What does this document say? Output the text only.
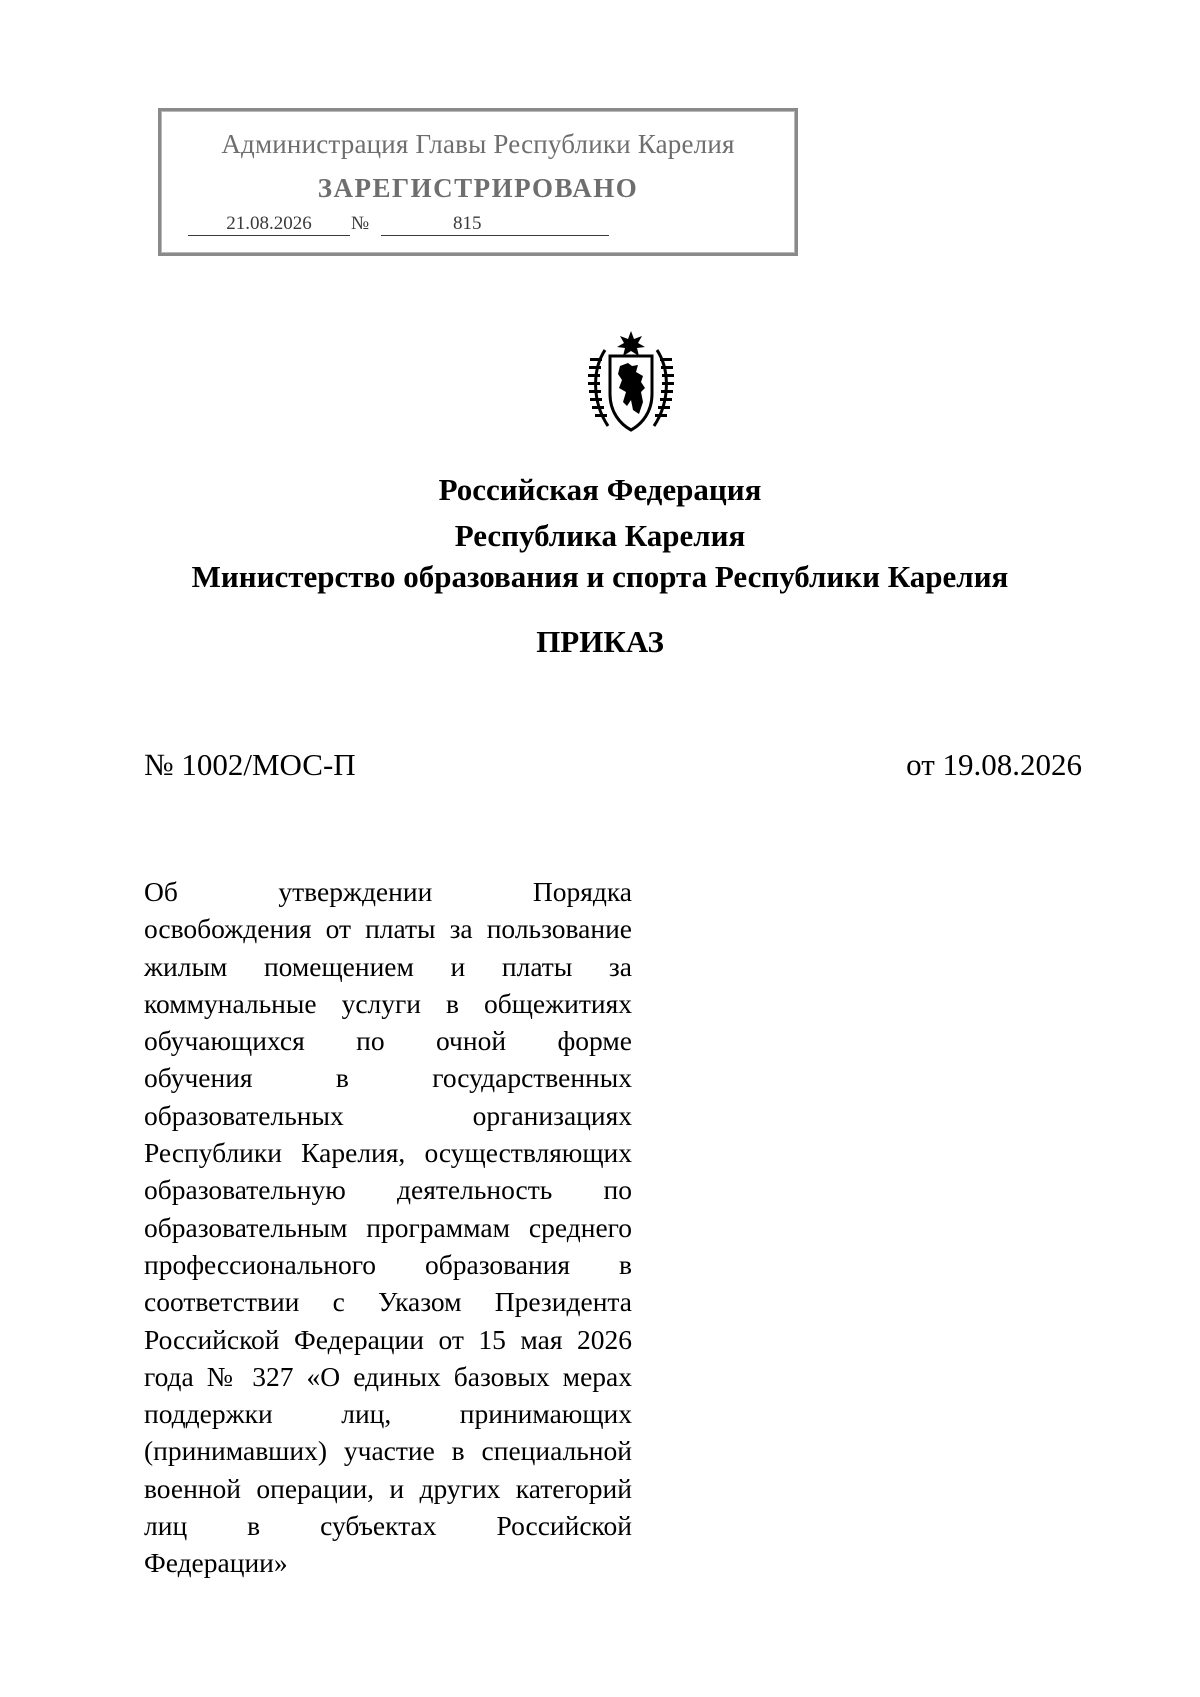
Администрация Главы Республики Карелия
ЗАРЕГИСТРИРОВАНО
21.08.2026	№	815
Российская Федерация
Республика Карелия
Министерство образования и спорта Республики Карелия
ПРИКАЗ
№ 1002/МОС-П	от 19.08.2026
Об утверждении Порядка
освобождения от платы за пользование
жилым помещением и платы за
коммунальные услуги в общежитиях
обучающихся по очной форме
обучения в государственных
образовательных организациях
Республики Карелия, осуществляющих
образовательную деятельность по
образовательным программам среднего
профессионального образования в
соответствии с Указом Президента
Российской Федерации от 15 мая 2026
года № 327 «О единых базовых мерах
поддержки лиц, принимающих
(принимавших) участие в специальной
военной операции, и других категорий
лиц в субъектах Российской
Федерации»
